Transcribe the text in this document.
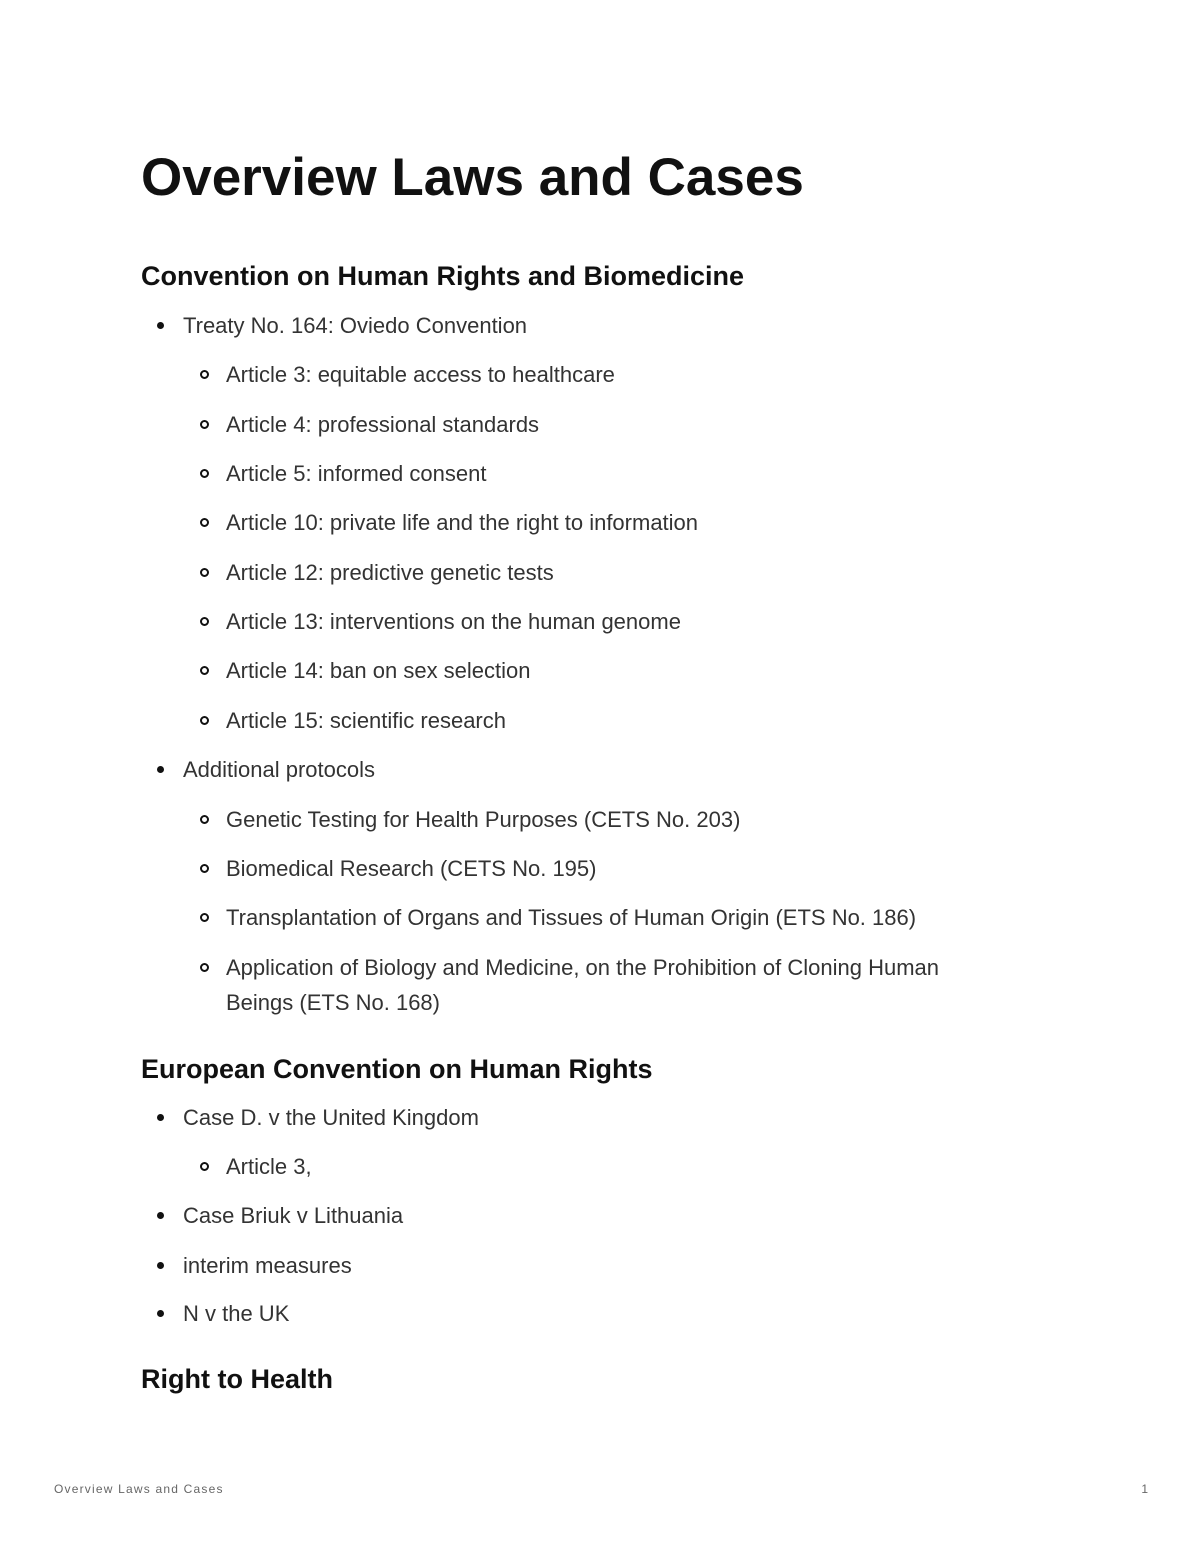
Overview Laws and Cases
Convention on Human Rights and Biomedicine
Treaty No. 164: Oviedo Convention
Article 3: equitable access to healthcare
Article 4: professional standards
Article 5: informed consent
Article 10: private life and the right to information
Article 12: predictive genetic tests
Article 13: interventions on the human genome
Article 14: ban on sex selection
Article 15: scientific research
Additional protocols
Genetic Testing for Health Purposes (CETS No. 203)
Biomedical Research (CETS No. 195)
Transplantation of Organs and Tissues of Human Origin (ETS No. 186)
Application of Biology and Medicine, on the Prohibition of Cloning Human Beings (ETS No. 168)
European Convention on Human Rights
Case D. v the United Kingdom
Article 3,
Case Briuk v Lithuania
interim measures
N v the UK
Right to Health
Overview Laws and Cases	1
